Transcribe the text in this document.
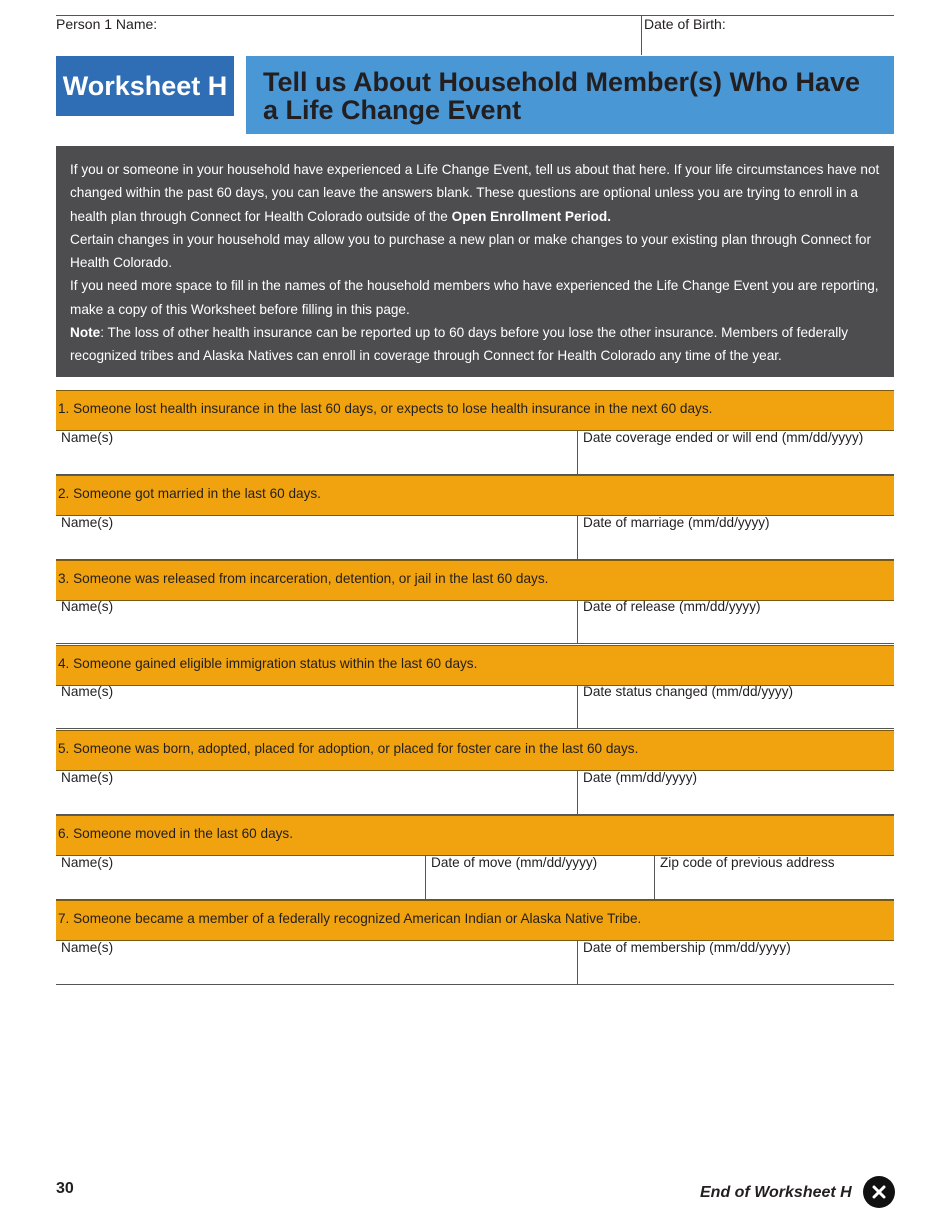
Person 1 Name:	Date of Birth:
Worksheet H Tell us About Household Member(s) Who Have
a Life Change Event

If you or someone in your household have experienced a Life Change Event, tell us about that here. If your life circumstances have not changed within the past 60 days, you can leave the answers blank. These questions are optional unless you are trying to enroll in a health plan through Connect for Health Colorado outside of the Open Enrollment Period.

Certain changes in your household may allow you to purchase a new plan or make changes to your existing plan through Connect for Health Colorado.

If you need more space to fill in the names of the household members who have experienced the Life Change Event you are reporting, make a copy of this Worksheet before filling in this page.

Note: The loss of other health insurance can be reported up to 60 days before you lose the other insurance. Members of federally recognized tribes and Alaska Natives can enroll in coverage through Connect for Health Colorado any time of the year.

1. Someone lost health insurance in the last 60 days, or expects to lose health insurance in the next 60 days.
Name(s)	Date coverage ended or will end (mm/dd/yyyy)
2. Someone got married in the last 60 days.
Name(s)	Date of marriage (mm/dd/yyyy)
3. Someone was released from incarceration, detention, or jail in the last 60 days.
Name(s)	Date of release (mm/dd/yyyy)
4. Someone gained eligible immigration status within the last 60 days.
Name(s)	Date status changed (mm/dd/yyyy)
5. Someone was born, adopted, placed for adoption, or placed for foster care in the last 60 days.
Name(s)	Date (mm/dd/yyyy)
6. Someone moved in the last 60 days.
Name(s)	Date of move (mm/dd/yyyy)	Zip code of previous address
7. Someone became a member of a federally recognized American Indian or Alaska Native Tribe.
Name(s)	Date of membership (mm/dd/yyyy)
30	End of Worksheet H
